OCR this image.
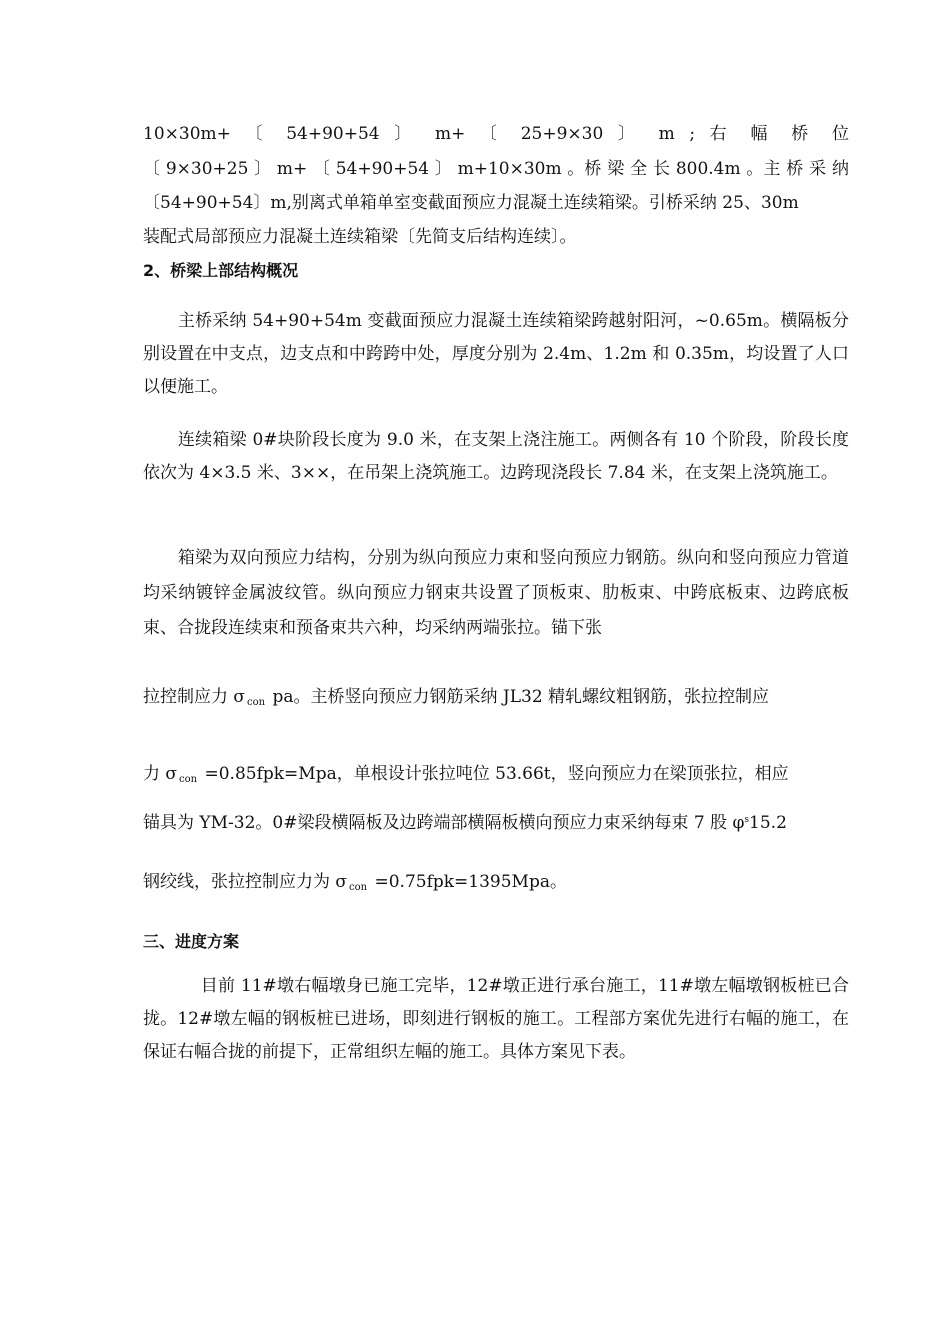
10×30m+ 〔 54+90+54 〕 m+ 〔 25+9×30 〕 m ; 右 幅 桥 位
〔 9×30+25 〕 m+ 〔 54+90+54 〕 m+10×30m 。桥 梁 全 长 800.4m 。主 桥 采 纳
〔54+90+54〕m,别离式单箱单室变截面预应力混凝土连续箱梁。引桥采纳 25、30m
装配式局部预应力混凝土连续箱梁〔先简支后结构连续〕。
2、桥梁上部结构概况

主桥采纳 54+90+54m 变截面预应力混凝土连续箱梁跨越射阳河，~0.65m。横隔板分别设置在中支点，边支点和中跨跨中处，厚度分别为 2.4m、1.2m 和 0.35m，均设置了人口以便施工。

连续箱梁 0#块阶段长度为 9.0 米，在支架上浇注施工。两侧各有 10 个阶段，阶段长度依次为 4×3.5 米、3××，在吊架上浇筑施工。边跨现浇段长 7.84 米，在支架上浇筑施工。

箱梁为双向预应力结构，分别为纵向预应力束和竖向预应力钢筋。纵向和竖向预应力管道均采纳镀锌金属波纹管。纵向预应力钢束共设置了顶板束、肋板束、中跨底板束、边跨底板束、合拢段连续束和预备束共六种，均采纳两端张拉。锚下张

拉控制应力 σ $_{con}$ pa。主桥竖向预应力钢筋采纳 JL32 精轧螺纹粗钢筋，张拉控制应
力 σ $_{con}$ =0.85fpk=Mpa，单根设计张拉吨位 53.66t，竖向预应力在梁顶张拉，相应
锚具为 YM-32。0#梁段横隔板及边跨端部横隔板横向预应力束采纳每束 7 股 $\varphi^s15.2$
钢绞线，张拉控制应力为 σ $_{con}$ =0.75fpk=1395Mpa。
三、进度方案

目前 11#墩右幅墩身已施工完毕，12#墩正进行承台施工，11#墩左幅墩钢板桩已合拢。12#墩左幅的钢板桩已进场，即刻进行钢板的施工。工程部方案优先进行右幅的施工，在保证右幅合拢的前提下，正常组织左幅的施工。具体方案见下表。
